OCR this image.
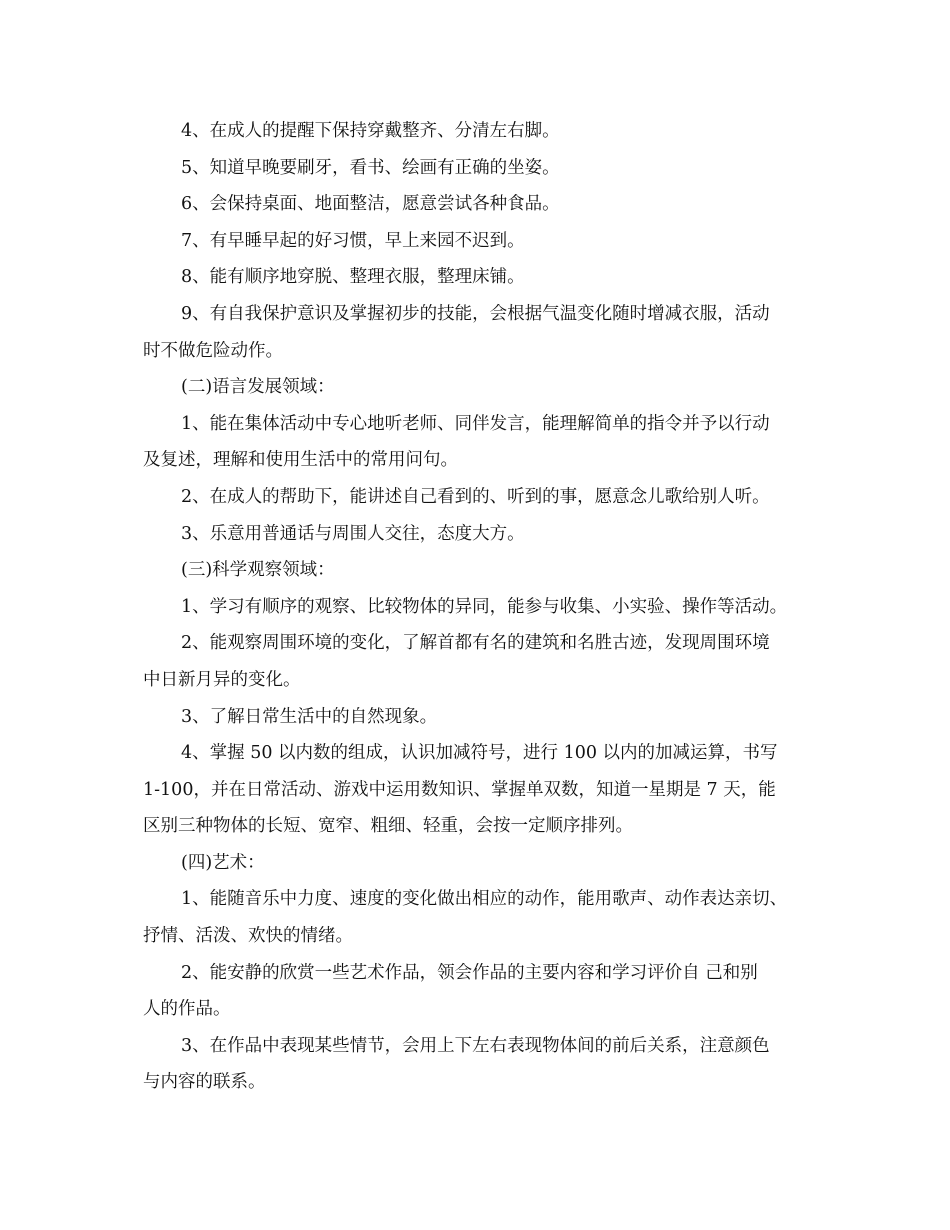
4、在成人的提醒下保持穿戴整齐、分清左右脚。
5、知道早晚要刷牙，看书、绘画有正确的坐姿。
6、会保持桌面、地面整洁，愿意尝试各种食品。
7、有早睡早起的好习惯，早上来园不迟到。
8、能有顺序地穿脱、整理衣服，整理床铺。
9、有自我保护意识及掌握初步的技能，会根据气温变化随时增减衣服，活动
时不做危险动作。
(二)语言发展领域：
1、能在集体活动中专心地听老师、同伴发言，能理解简单的指令并予以行动
及复述，理解和使用生活中的常用问句。
2、在成人的帮助下，能讲述自己看到的、听到的事，愿意念儿歌给别人听。
3、乐意用普通话与周围人交往，态度大方。
(三)科学观察领域：
1、学习有顺序的观察、比较物体的异同，能参与收集、小实验、操作等活动。
2、能观察周围环境的变化，了解首都有名的建筑和名胜古迹，发现周围环境
中日新月异的变化。
3、了解日常生活中的自然现象。
4、掌握 50 以内数的组成，认识加减符号，进行 100 以内的加减运算，书写
1-100，并在日常活动、游戏中运用数知识、掌握单双数，知道一星期是 7 天，能
区别三种物体的长短、宽窄、粗细、轻重，会按一定顺序排列。
(四)艺术：
1、能随音乐中力度、速度的变化做出相应的动作，能用歌声、动作表达亲切、
抒情、活泼、欢快的情绪。
2、能安静的欣赏一些艺术作品，领会作品的主要内容和学习评价自 己和别
人的作品。
3、在作品中表现某些情节，会用上下左右表现物体间的前后关系，注意颜色
与内容的联系。
